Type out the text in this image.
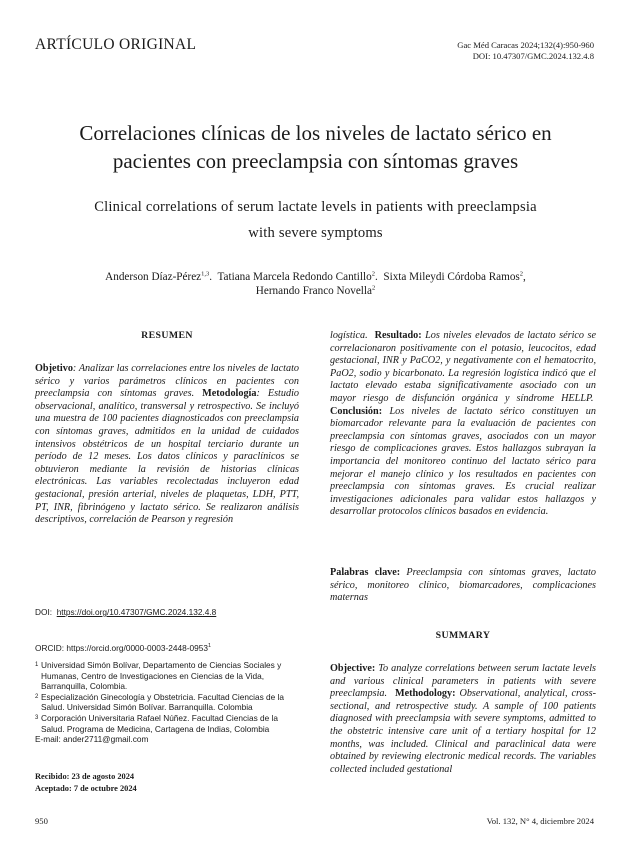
ARTÍCULO ORIGINAL	Gac Méd Caracas 2024;132(4):950-960
DOI: 10.47307/GMC.2024.132.4.8
Correlaciones clínicas de los niveles de lactato sérico en
pacientes con preeclampsia con síntomas graves
Clinical correlations of serum lactate levels in patients with preeclampsia
with severe symptoms
Anderson Díaz-Pérez$^{1,3}$.  Tatiana Marcela Redondo Cantillo$^2$.  Sixta Mileydi Córdoba Ramos$^2$,
Hernando Franco Novella$^2$
RESUMEN
Objetivo: Analizar las correlaciones entre los niveles de lactato sérico y varios parámetros clínicos en pacientes con preeclampsia con síntomas graves. Metodología: Estudio observacional, analítico, transversal y retrospectivo. Se incluyó una muestra de 100 pacientes diagnosticados con preeclampsia con síntomas graves, admitidos en la unidad de cuidados intensivos obstétricos de un hospital terciario durante un período de 12 meses. Los datos clínicos y paraclínicos se obtuvieron mediante la revisión de historias clínicas electrónicas. Las variables recolectadas incluyeron edad gestacional, presión arterial, niveles de plaquetas, LDH, PTT, PT, INR, fibrinógeno y lactato sérico. Se realizaron análisis descriptivos, correlación de Pearson y regresión
logística. Resultado: Los niveles elevados de lactato sérico se correlacionaron positivamente con el potasio, leucocitos, edad gestacional, INR y PaCO2, y negativamente con el hematocrito, PaO2, sodio y bicarbonato. La regresión logística indicó que el lactato elevado estaba significativamente asociado con un mayor riesgo de disfunción orgánica y síndrome HELLP.  Conclusión: Los niveles de lactato sérico constituyen un biomarcador relevante para la evaluación de pacientes con preeclampsia con síntomas graves, asociados con un mayor riesgo de complicaciones graves. Estos hallazgos subrayan la importancia del monitoreo continuo del lactato sérico para mejorar el manejo clínico y los resultados en pacientes con preeclampsia con síntomas graves. Es crucial realizar investigaciones adicionales para validar estos hallazgos y desarrollar protocolos clínicos basados en evidencia.
Palabras clave: Preeclampsia con síntomas graves, lactato sérico, monitoreo clínico, biomarcadores, complicaciones maternas
SUMMARY
Objective: To analyze correlations between serum lactate levels and various clinical parameters in patients with severe preeclampsia. Methodology: Observational, analytical, cross-sectional, and retrospective study. A sample of 100 patients diagnosed with preeclampsia with severe symptoms, admitted to the obstetric intensive care unit of a tertiary hospital for 12 months, was included. Clinical and paraclinical data were obtained by reviewing electronic medical records. The variables collected included gestational
DOI: https://doi.org/10.47307/GMC.2024.132.4.8
ORCID: https://orcid.org/0000-0003-2448-0953$^1$
1 Universidad Simón Bolívar, Departamento de Ciencias Sociales y Humanas, Centro de Investigaciones en Ciencias de la Vida, Barranquilla, Colombia.
2 Especialización Ginecología y Obstetricia. Facultad Ciencias de la Salud. Universidad Simón Bolívar. Barranquilla. Colombia
3 Corporación Universitaria Rafael Núñez. Facultad Ciencias de la Salud. Programa de Medicina, Cartagena de Indias, Colombia
E-mail: ander2711@gmail.com
Recibido: 23 de agosto 2024
Aceptado: 7 de octubre 2024
950	Vol. 132, N° 4, diciembre 2024
